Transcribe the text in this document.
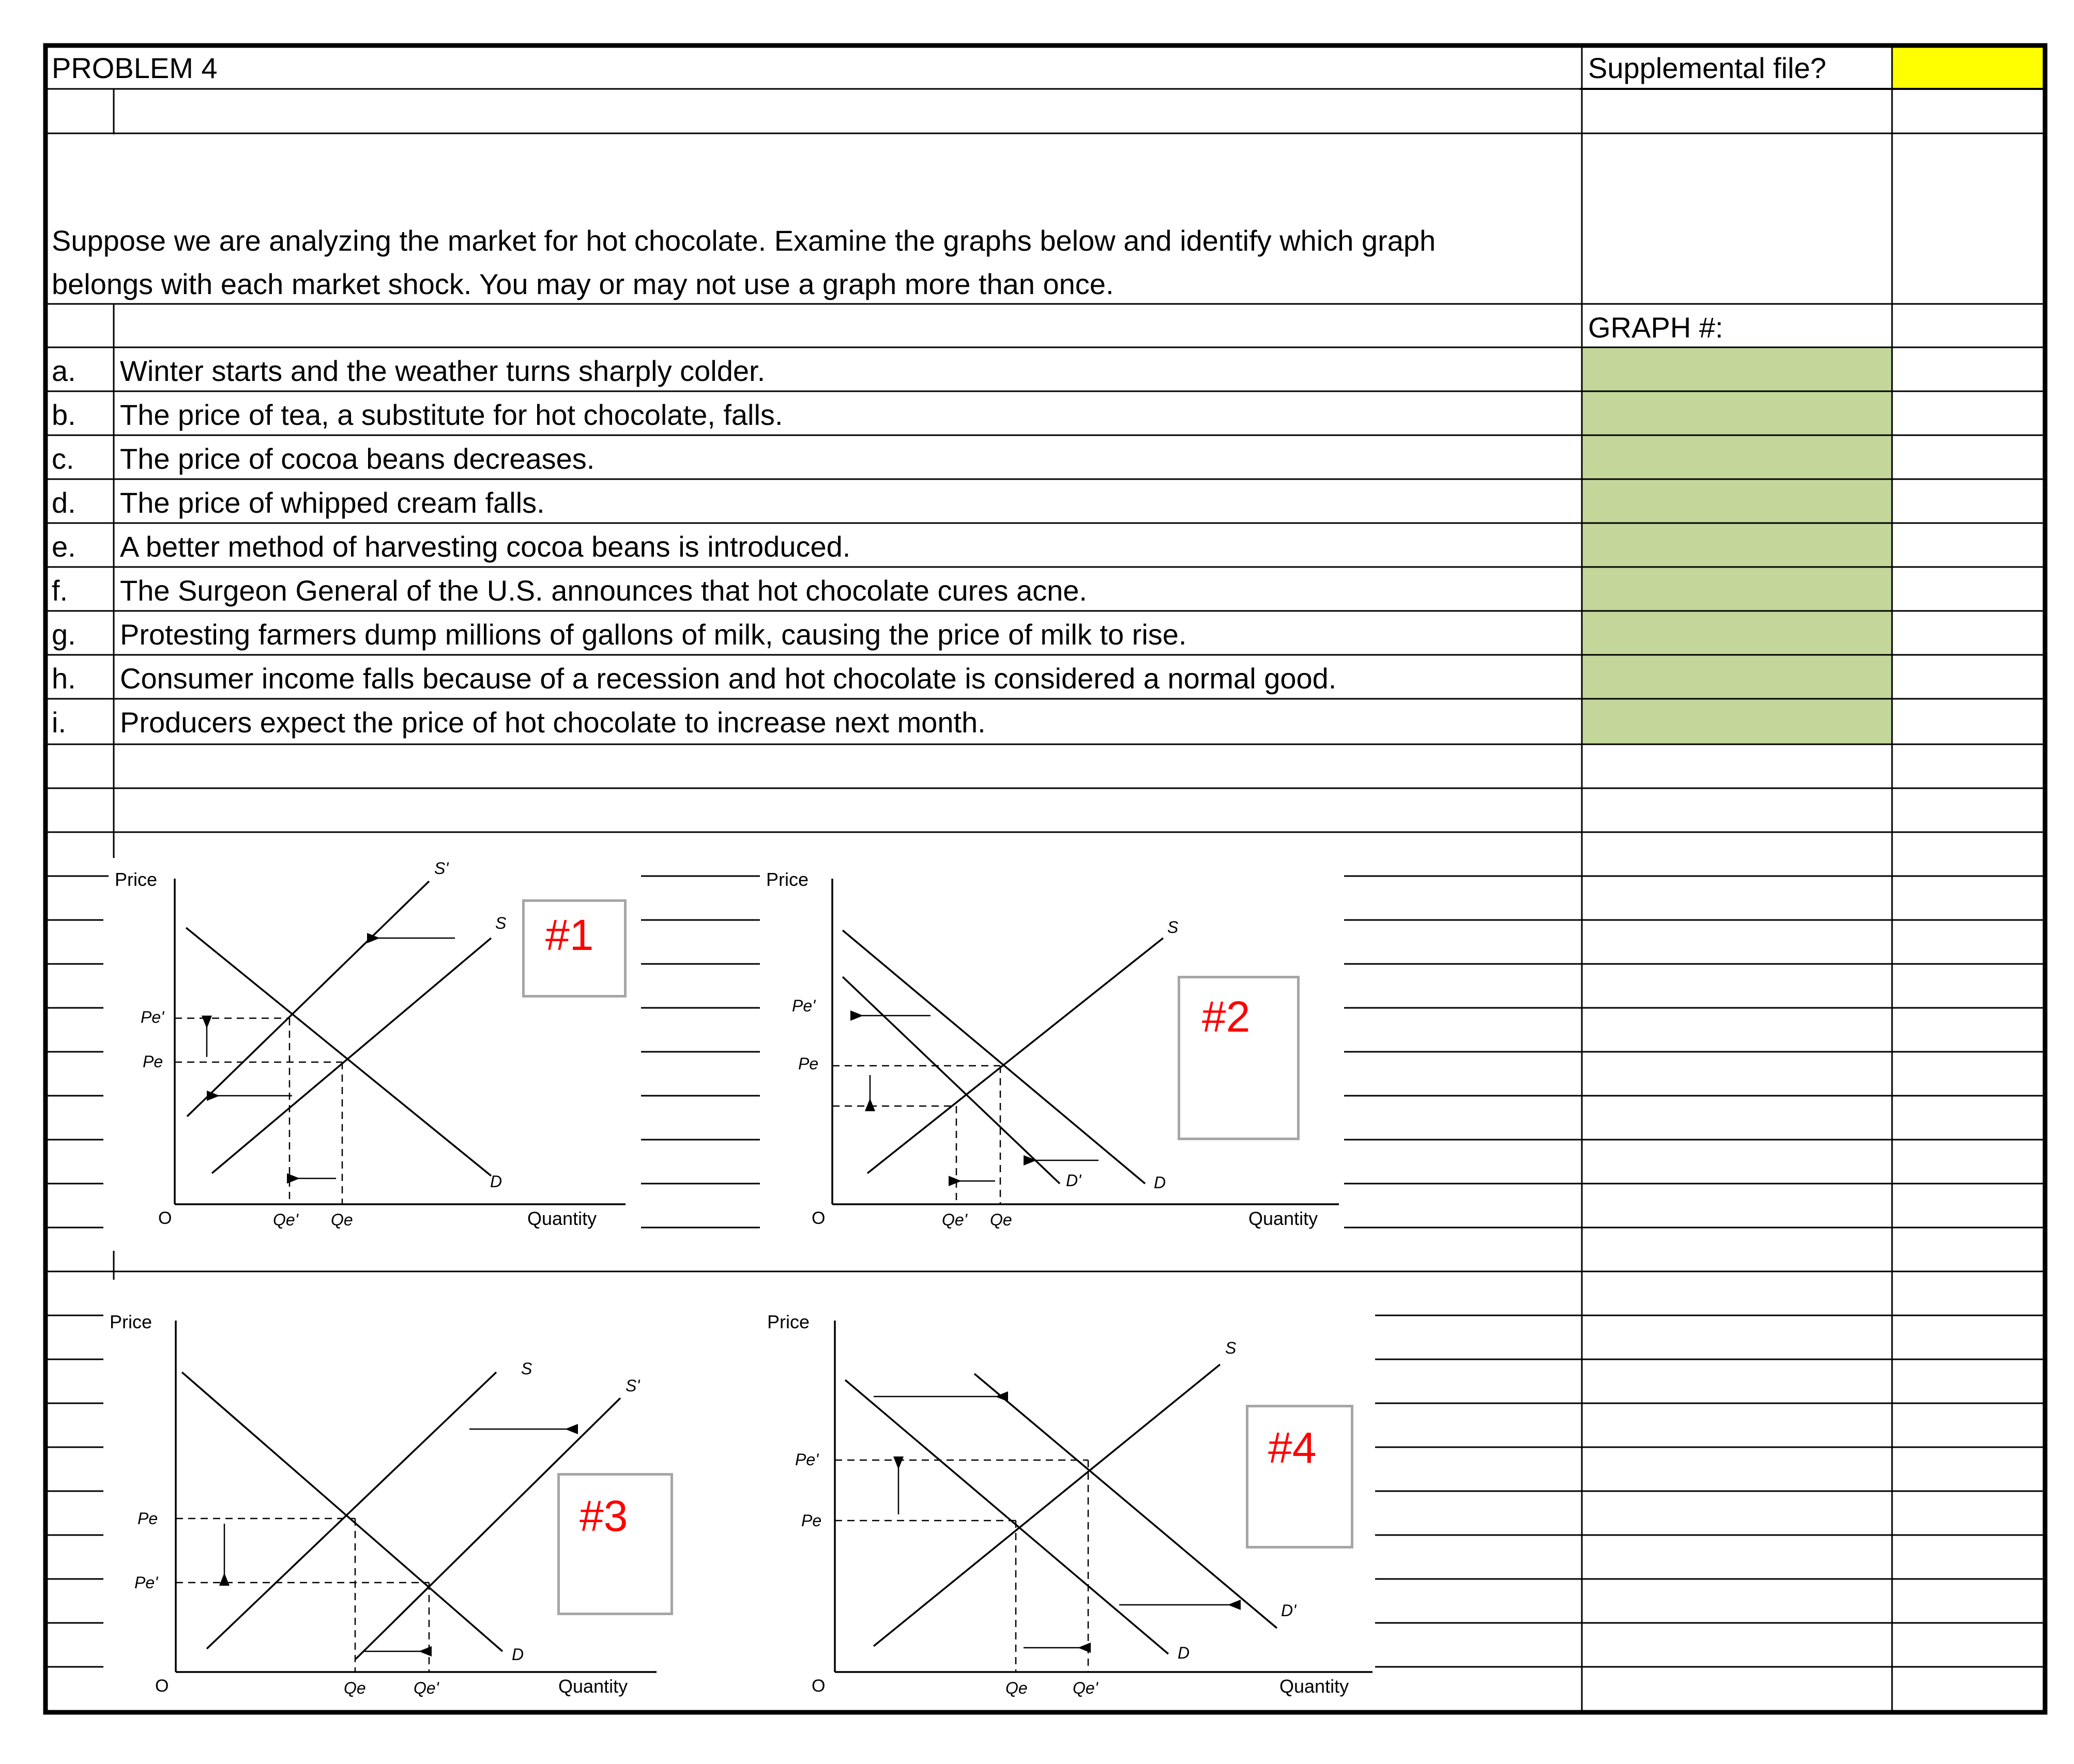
PROBLEM 4	Supplemental file?
Suppose we are analyzing the market for hot chocolate. Examine the graphs below and identify which graph
belongs with each market shock. You may or may not use a graph more than once.
GRAPH #:
a. Winter starts and the weather turns sharply colder.
b. The price of tea, a substitute for hot chocolate, falls.
c. The price of cocoa beans decreases.
d. The price of whipped cream falls.
e. A better method of harvesting cocoa beans is introduced.
f. The Surgeon General of the U.S. announces that hot chocolate cures acne.
g. Protesting farmers dump millions of gallons of milk, causing the price of milk to rise.
h. Consumer income falls because of a recession and hot chocolate is considered a normal good.
i. Producers expect the price of hot chocolate to increase next month.
Price
Quantity
O
S'
S
D
Pe'
Pe
Qe' Qe
#1
Price
Quantity
O
S
D
D'
Pe'
Pe
Qe' Qe
#2
Price
Quantity
O
S
S'
D
Pe
Pe'
Qe	Qe'
#3
Price
Quantity
O
S
D
D'
Pe'
Pe
Qe	Qe'
#4
